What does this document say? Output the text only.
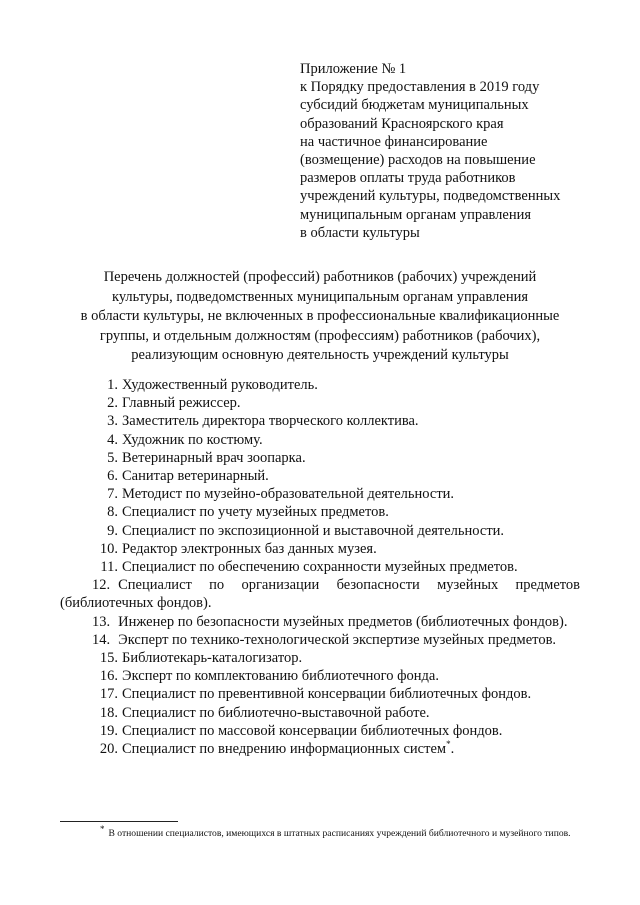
Приложение № 1
к Порядку предоставления в 2019 году
субсидий бюджетам муниципальных
образований Красноярского края
на частичное финансирование
(возмещение) расходов на повышение
размеров оплаты труда работников
учреждений культуры, подведомственных
муниципальным органам управления
в области культуры
Перечень должностей (профессий) работников (рабочих) учреждений
культуры, подведомственных муниципальным органам управления
в области культуры, не включенных в профессиональные квалификационные
группы, и отдельным должностям (профессиям) работников (рабочих),
реализующим основную деятельность учреждений культуры
1. Художественный руководитель.
2. Главный режиссер.
3. Заместитель директора творческого коллектива.
4. Художник по костюму.
5. Ветеринарный врач зоопарка.
6. Санитар ветеринарный.
7. Методист по музейно-образовательной деятельности.
8. Специалист по учету музейных предметов.
9. Специалист по экспозиционной и выставочной деятельности.
10. Редактор электронных баз данных музея.
11. Специалист по обеспечению сохранности музейных предметов.
12. Специалист по организации безопасности музейных предметов (библиотечных фондов).
13. Инженер по безопасности музейных предметов (библиотечных фондов).
14. Эксперт по технико-технологической экспертизе музейных предметов.
15. Библиотекарь-каталогизатор.
16. Эксперт по комплектованию библиотечного фонда.
17. Специалист по превентивной консервации библиотечных фондов.
18. Специалист по библиотечно-выставочной работе.
19. Специалист по массовой консервации библиотечных фондов.
20. Специалист по внедрению информационных систем*.
* В отношении специалистов, имеющихся в штатных расписаниях учреждений библиотечного и музейного типов.
